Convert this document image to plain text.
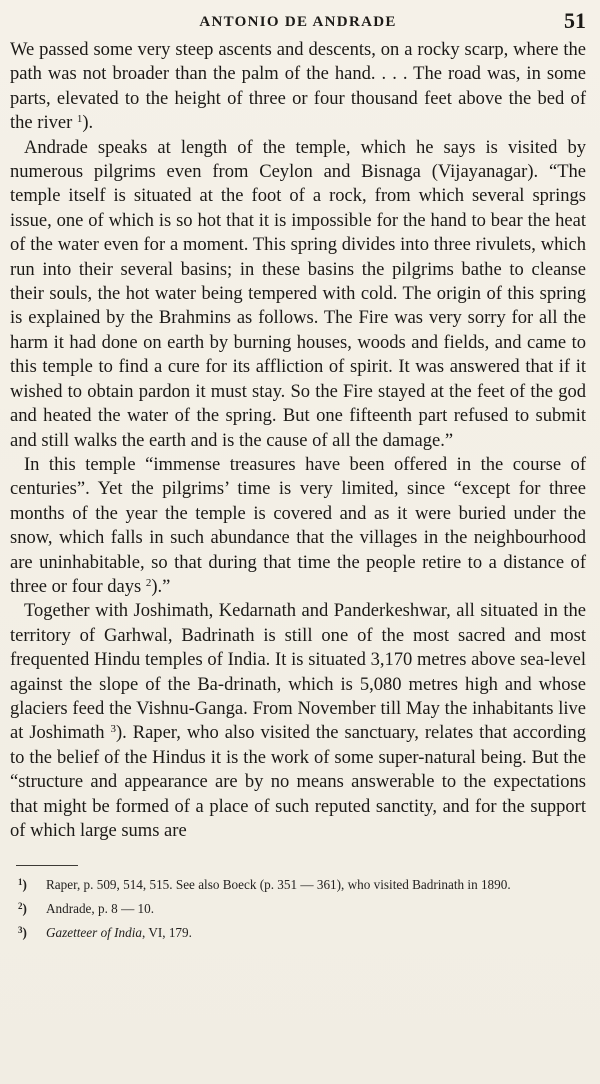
ANTONIO DE ANDRADE	51

We passed some very steep ascents and descents, on a rocky scarp, where the path was not broader than the palm of the hand. . . . The road was, in some parts, elevated to the height of three or four thousand feet above the bed of the river $^1$).

Andrade speaks at length of the temple, which he says is visited by numerous pilgrims even from Ceylon and Bisnaga (Vijayanagar). “The temple itself is situated at the foot of a rock, from which several springs issue, one of which is so hot that it is impossible for the hand to bear the heat of the water even for a moment. This spring divides into three rivulets, which run into their several basins; in these basins the pilgrims bathe to cleanse their souls, the hot water being tempered with cold. The origin of this spring is explained by the Brahmins as follows. The Fire was very sorry for all the harm it had done on earth by burning houses, woods and fields, and came to this temple to find a cure for its affliction of spirit. It was answered that if it wished to obtain pardon it must stay. So the Fire stayed at the feet of the god and heated the water of the spring. But one fifteenth part refused to submit and still walks the earth and is the cause of all the damage.”

In this temple “immense treasures have been offered in the course of centuries”. Yet the pilgrims’ time is very limited, since “except for three months of the year the temple is covered and as it were buried under the snow, which falls in such abundance that the villages in the neighbourhood are uninhabitable, so that during that time the people retire to a distance of three or four days $^2$).”

Together with Joshimath, Kedarnath and Panderkeshwar, all situated in the territory of Garhwal, Badrinath is still one of the most sacred and most frequented Hindu temples of India. It is situated 3,170 metres above sea-level against the slope of the Ba-drinath, which is 5,080 metres high and whose glaciers feed the Vishnu-Ganga. From November till May the inhabitants live at Joshimath $^3$). Raper, who also visited the sanctuary, relates that according to the belief of the Hindus it is the work of some super-natural being. But the “structure and appearance are by no means answerable to the expectations that might be formed of a place of such reputed sanctity, and for the support of which large sums are

$^1$) Raper, p. 509, 514, 515. See also Boeck (p. 351 — 361), who visited Badrinath in 1890.
$^2$) Andrade, p. 8 — 10.
$^3$) Gazetteer of India, VI, 179.
